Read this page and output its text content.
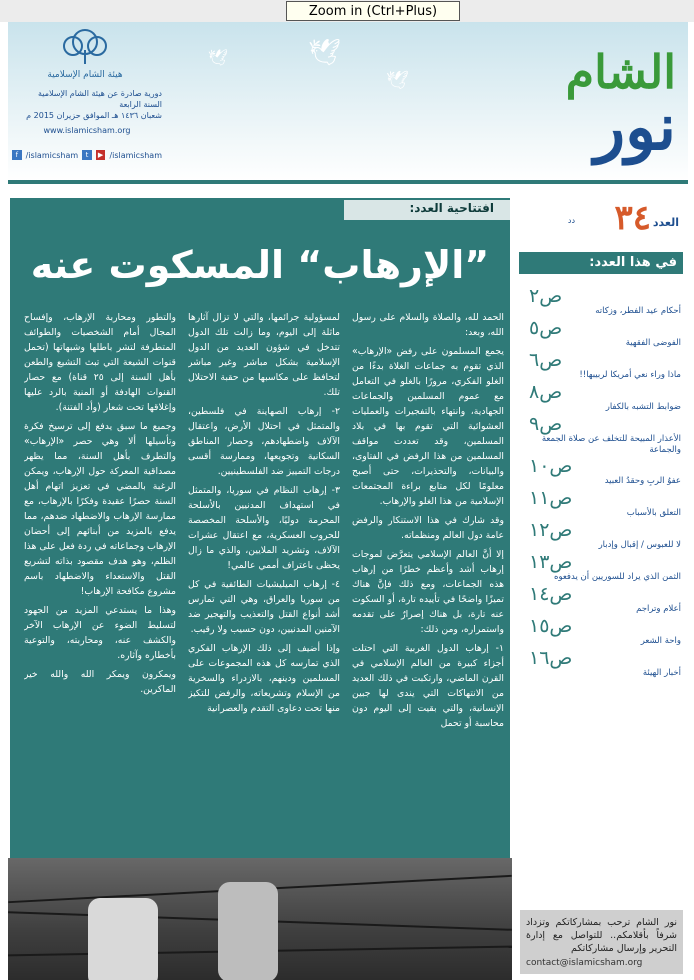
Zoom in (Ctrl+Plus)
🕊
🕊
🕊	الشام
نور
هيئة الشام الإسلامية
دورية صادرة عن هيئة الشام الإسلامية
السنة الرابعة
شعبان ١٤٣٦ هـ الموافق حزيران 2015 م
www.islamicsham.org
f /islamicsham	t	▶ /islamicsham
العدد
٣٤
دد
في هذا العدد:
ص٢
أحكام عيد الفطر، وزكاته
ص٥
الفوضى الفقهية
ص٦
ماذا وراء نعي أمريكا لربيبها!!
ص٨
ضوابط التشبه بالكفار
ص٩
الأعذار المبيحة للتخلف عن صلاة الجمعة والجماعة
ص١٠
عفوُ الربِ وحقدُ العبيد
ص١١
التعلق بالأسباب
ص١٢
لا للعبوس / إقبال وإدبار
ص١٣
الثمن الذي يراد للسوريين أن يدفعوه
ص١٤
أعلام وتراجم
ص١٥
واحة الشعر
ص١٦
أخبار الهيئة
نور الشام ترحب بمشاركاتكم وتزداد شرفاً بأقلامكم.. للتواصل مع إدارة التحرير وإرسال مشاركاتكم
contact@islamicsham.org
افتتاحية العدد:
”الإرهاب“ المسكوت عنه

الحمد لله، والصلاة والسلام على رسول الله، وبعد:

يجمع المسلمون على رفض «الإرهاب» الذي تقوم به جماعات الغلاة بدءًا من الغلو الفكري، مرورًا بالغلو في التعامل مع عموم المسلمين والجماعات الجهادية، وانتهاء بالتفجيرات والعمليات العشوائية التي تقوم بها في بلاد المسلمين، وقد تعددت مواقف المسلمين من هذا الرفض في الفتاوى، والبيانات، والتحذيرات، حتى أصبح معلومًا لكل متابع براءة المجتمعات الإسلامية من هذا الغلو والإرهاب.

وقد شارك في هذا الاستنكار والرفض عامة دول العالم ومنظماته.

إلا أنَّ العالم الإسلامي يتعرَّض لموجات إرهاب أشد وأعظم خطرًا من إرهاب هذه الجماعات، ومع ذلك فإنَّ هناك تميزًا واضحًا في تأييده تارة، أو السكوت عنه تارة، بل هناك إصرارٌ على تقدمه واستمراره، ومن ذلك:

١- إرهاب الدول الغربية التي احتلت أجزاء كبيرة من العالم الإسلامي في القرن الماضي، وارتكبت في ذلك العديد من الانتهاكات التي يندى لها جبين الإنسانية، والتي بقيت إلى اليوم دون محاسبة أو تحمل

لمسؤولية جرائمها، والتي لا تزال آثارها ماثلة إلى اليوم، وما زالت تلك الدول تتدخل في شؤون العديد من الدول الإسلامية بشكل مباشر وغير مباشر لتحافظ على مكاسبها من حقبة الاحتلال تلك.

٢- إرهاب الصهاينة في فلسطين، والمتمثل في احتلال الأرض، واعتقال الآلاف واضطهادهم، وحصار المناطق السكانية وتجويعها، وممارسة أقسى درجات التمييز ضد الفلسطينيين.

٣- إرهاب النظام في سوريا، والمتمثل في استهداف المدنيين بالأسلحة المحرمة دوليًا، والأسلحة المخصصة للحروب العسكرية، مع اعتقال عشرات الآلاف، وتشريد الملايين، والذي ما زال يحظى باعتراف أممي عالمي!

٤- إرهاب الميليشيات الطائفية في كل من سوريا والعراق، وهي التي تمارس أشد أنواع القتل والتعذيب والتهجير ضد الآمنين المدنيين، دون حسيب ولا رقيب.

وإذا أضيف إلى ذلك الإرهاب الفكري الذي تمارسه كل هذه المجموعات على المسلمين ودينهم، بالازدراء والسخرية من الإسلام وتشريعاته، والرفض للتكيز منها تحت دعاوى التقدم والعصرانية

والتطور ومحاربة الإرهاب، وإفساح المجال أمام الشخصيات والطوائف المتطرفة لتشر باطلها وشبهاتها (تحمل قنوات الشيعة التي تبث التشيع والطعن بأهل السنة إلى ٢٥ قناة) مع حصار القنوات الهادفة أو المنية بالرد عليها وإغلاقها تحت شعار (وأد الفتنة).

وجميع ما سبق يدفع إلى ترسيخ فكرة وتأسيلها ألا وهي حصر «الإرهاب» والتطرف بأهل السنة، مما يظهر مصداقية المعركة حول الإرهاب، ويمكن الرغبة بالمضي في تعزيز اتهام أهل السنة حصرًا عقيدة وفكرًا بالإرهاب، مع ممارسة الإرهاب والاضطهاد ضدهم، مما يدفع بالمزيد من أبنائهم إلى أحضان الإرهاب وجماعاته في ردة فعل على هذا الظلم، وهو هدف مقصود بذاته لتشريع القتل والاستعداء والاضطهاد باسم مشروع مكافحة الإرهاب!

وهذا ما يستدعي المزيد من الجهود لتسليط الضوء عن الإرهاب الآخر والكشف عنه، ومحاربته، والتوعية بأخطاره وآثاره.

ويمكرون ويمكر الله والله خير الماكرين.
